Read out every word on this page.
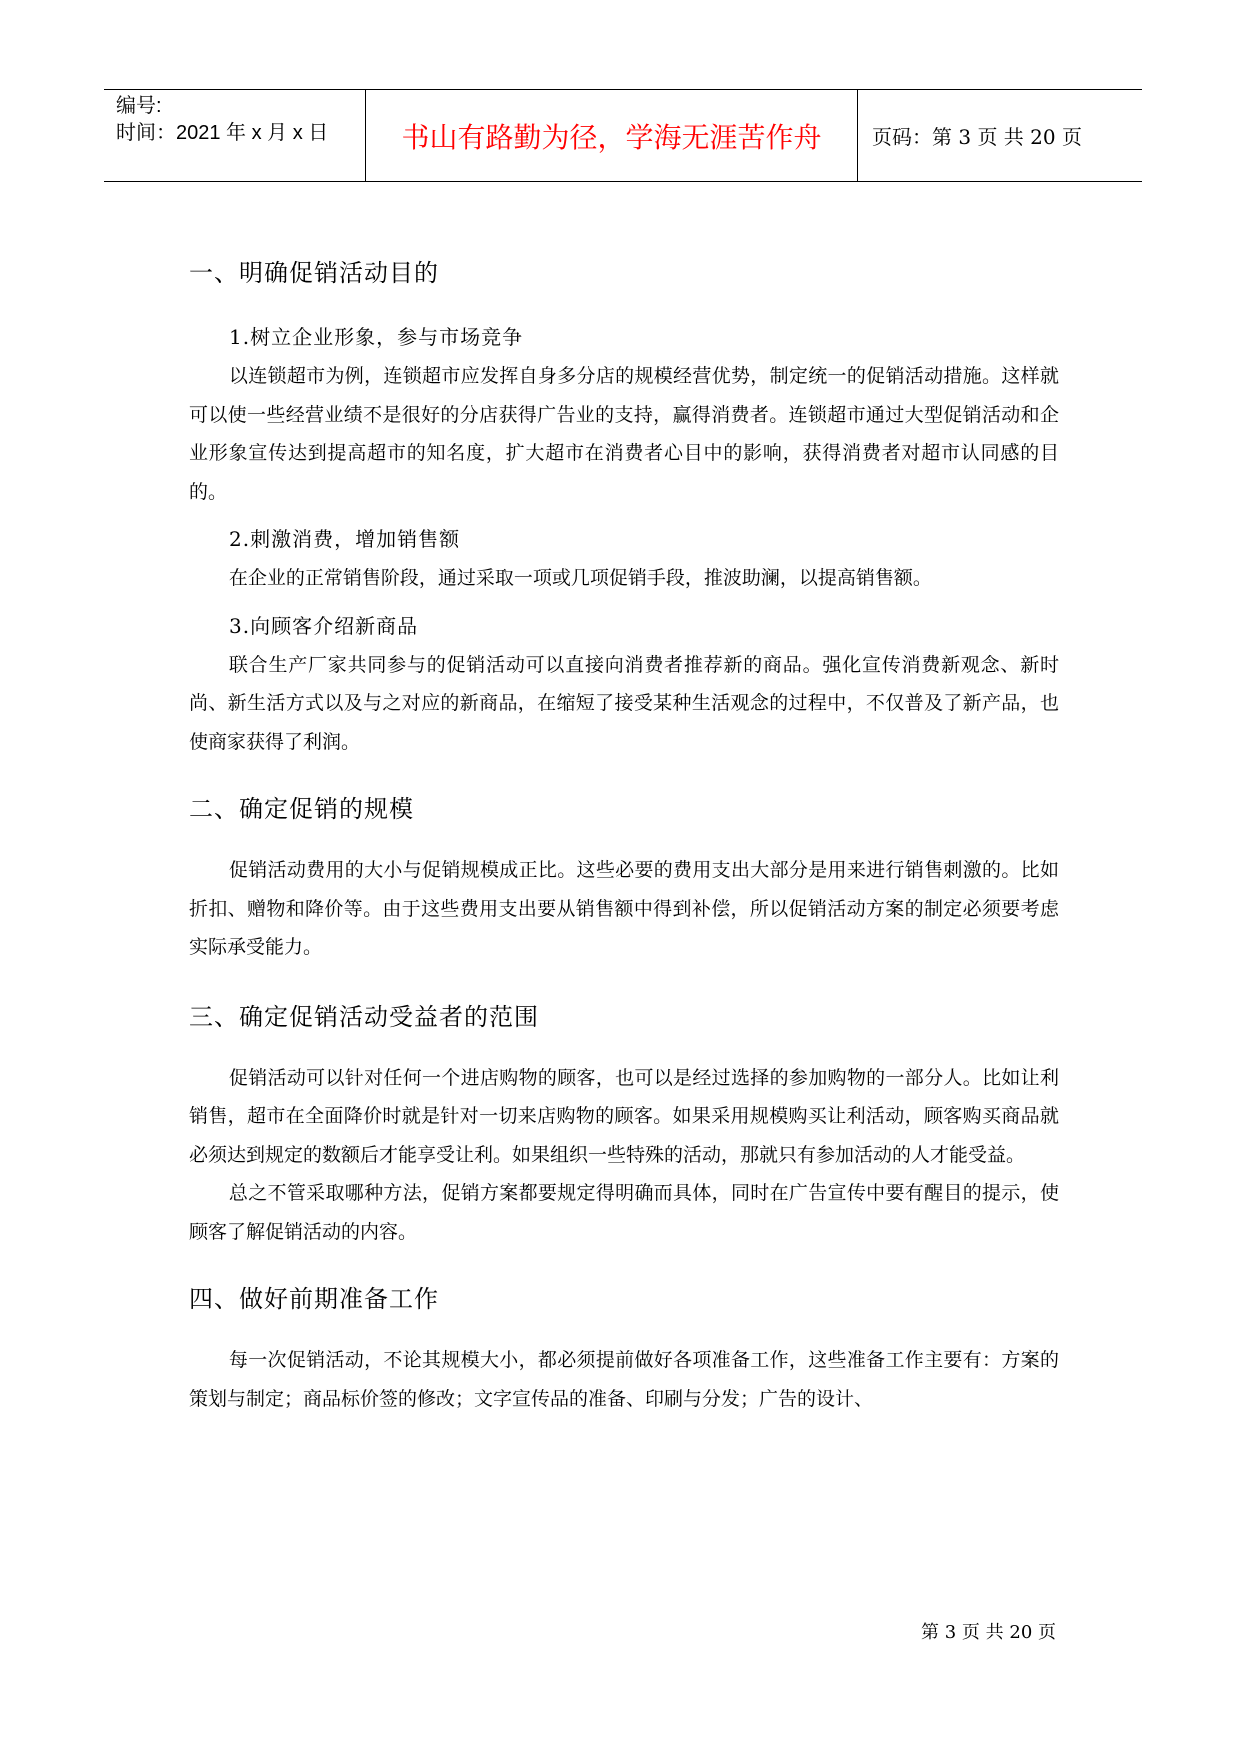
编号:
时间：2021 年 x 月 x 日	书山有路勤为径，学海无涯苦作舟	页码：第 3 页 共 20 页
一、明确促销活动目的
1.树立企业形象，参与市场竞争

以连锁超市为例，连锁超市应发挥自身多分店的规模经营优势，制定统一的促销活动措施。这样就可以使一些经营业绩不是很好的分店获得广告业的支持，赢得消费者。连锁超市通过大型促销活动和企业形象宣传达到提高超市的知名度，扩大超市在消费者心目中的影响，获得消费者对超市认同感的目的。

2.刺激消费，增加销售额

在企业的正常销售阶段，通过采取一项或几项促销手段，推波助澜，以提高销售额。

3.向顾客介绍新商品

联合生产厂家共同参与的促销活动可以直接向消费者推荐新的商品。强化宣传消费新观念、新时尚、新生活方式以及与之对应的新商品，在缩短了接受某种生活观念的过程中，不仅普及了新产品，也使商家获得了利润。

二、确定促销的规模

促销活动费用的大小与促销规模成正比。这些必要的费用支出大部分是用来进行销售刺激的。比如折扣、赠物和降价等。由于这些费用支出要从销售额中得到补偿，所以促销活动方案的制定必须要考虑实际承受能力。

三、确定促销活动受益者的范围

促销活动可以针对任何一个进店购物的顾客，也可以是经过选择的参加购物的一部分人。比如让利销售，超市在全面降价时就是针对一切来店购物的顾客。如果采用规模购买让利活动，顾客购买商品就必须达到规定的数额后才能享受让利。如果组织一些特殊的活动，那就只有参加活动的人才能受益。

总之不管采取哪种方法，促销方案都要规定得明确而具体，同时在广告宣传中要有醒目的提示，使顾客了解促销活动的内容。

四、做好前期准备工作

每一次促销活动，不论其规模大小，都必须提前做好各项准备工作，这些准备工作主要有：方案的策划与制定；商品标价签的修改；文字宣传品的准备、印刷与分发；广告的设计、

第 3 页 共 20 页
